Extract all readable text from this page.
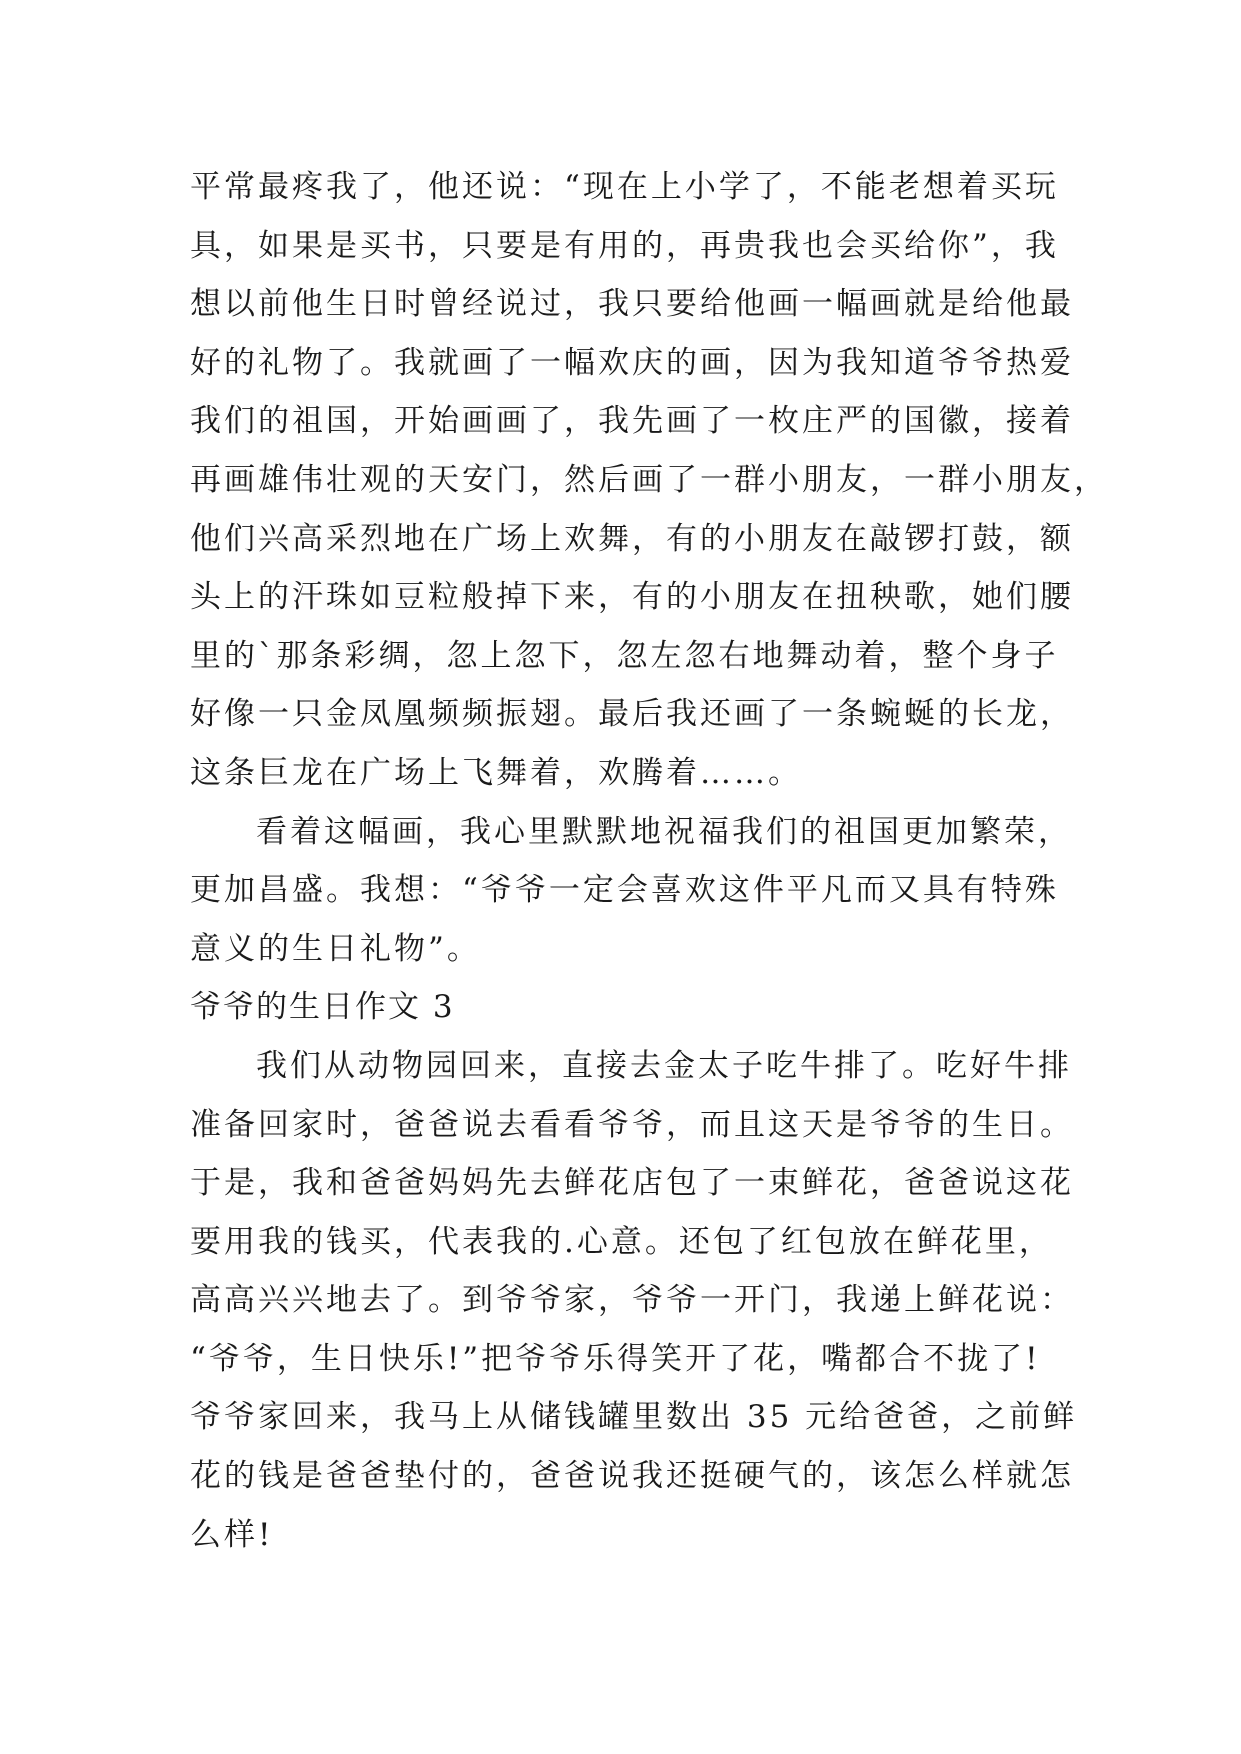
平常最疼我了，他还说：“现在上小学了，不能老想着买玩
具，如果是买书，只要是有用的，再贵我也会买给你”，我
想以前他生日时曾经说过，我只要给他画一幅画就是给他最
好的礼物了。我就画了一幅欢庆的画，因为我知道爷爷热爱
我们的祖国，开始画画了，我先画了一枚庄严的国徽，接着
再画雄伟壮观的天安门，然后画了一群小朋友，一群小朋友，
他们兴高采烈地在广场上欢舞，有的小朋友在敲锣打鼓，额
头上的汗珠如豆粒般掉下来，有的小朋友在扭秧歌，她们腰
里的`那条彩绸，忽上忽下，忽左忽右地舞动着，整个身子
好像一只金凤凰频频振翅。最后我还画了一条蜿蜒的长龙，
这条巨龙在广场上飞舞着，欢腾着……。
看着这幅画，我心里默默地祝福我们的祖国更加繁荣，
更加昌盛。我想：“爷爷一定会喜欢这件平凡而又具有特殊
意义的生日礼物”。
爷爷的生日作文 3
我们从动物园回来，直接去金太子吃牛排了。吃好牛排
准备回家时，爸爸说去看看爷爷，而且这天是爷爷的生日。
于是，我和爸爸妈妈先去鲜花店包了一束鲜花，爸爸说这花
要用我的钱买，代表我的.心意。还包了红包放在鲜花里，
高高兴兴地去了。到爷爷家，爷爷一开门，我递上鲜花说：
“爷爷，生日快乐!”把爷爷乐得笑开了花，嘴都合不拢了!
爷爷家回来，我马上从储钱罐里数出 35 元给爸爸，之前鲜
花的钱是爸爸垫付的，爸爸说我还挺硬气的，该怎么样就怎
么样!
